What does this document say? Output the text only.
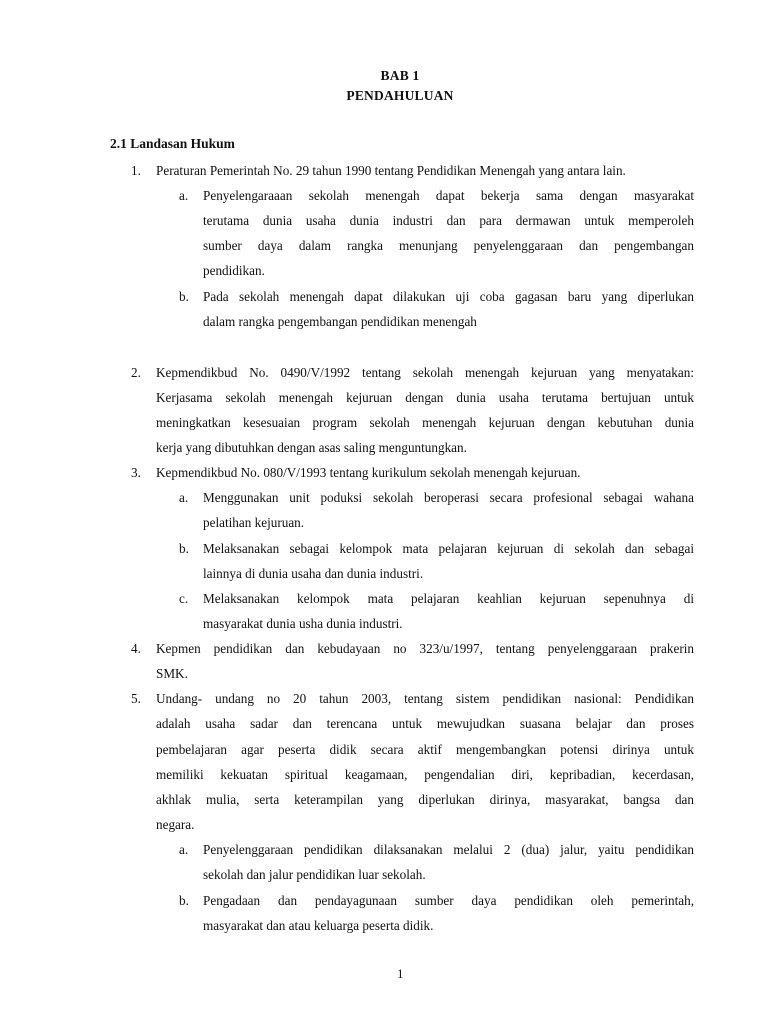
BAB 1
PENDAHULUAN
2.1 Landasan Hukum
1. Peraturan Pemerintah No. 29 tahun 1990 tentang Pendidikan Menengah yang antara lain.
a. Penyelengaraaan sekolah menengah dapat bekerja sama dengan masyarakat
terutama dunia usaha dunia industri dan para dermawan untuk memperoleh
sumber daya dalam rangka menunjang penyelenggaraan dan pengembangan
pendidikan.
b. Pada sekolah menengah dapat dilakukan uji coba gagasan baru yang diperlukan
dalam rangka pengembangan pendidikan menengah
2. Kepmendikbud No. 0490/V/1992 tentang sekolah menengah kejuruan yang menyatakan:
Kerjasama sekolah menengah kejuruan dengan dunia usaha terutama bertujuan untuk
meningkatkan kesesuaian program sekolah menengah kejuruan dengan kebutuhan dunia
kerja yang dibutuhkan dengan asas saling menguntungkan.
3. Kepmendikbud No. 080/V/1993 tentang kurikulum sekolah menengah kejuruan.
a. Menggunakan unit poduksi sekolah beroperasi secara profesional sebagai wahana
pelatihan kejuruan.
b. Melaksanakan sebagai kelompok mata pelajaran kejuruan di sekolah dan sebagai
lainnya di dunia usaha dan dunia industri.
c. Melaksanakan kelompok mata pelajaran keahlian kejuruan sepenuhnya di
masyarakat dunia usha dunia industri.
4. Kepmen pendidikan dan kebudayaan no 323/u/1997, tentang penyelenggaraan prakerin
SMK.
5. Undang- undang no 20 tahun 2003, tentang sistem pendidikan nasional: Pendidikan
adalah usaha sadar dan terencana untuk mewujudkan suasana belajar dan proses
pembelajaran agar peserta didik secara aktif mengembangkan potensi dirinya untuk
memiliki kekuatan spiritual keagamaan, pengendalian diri, kepribadian, kecerdasan,
akhlak mulia, serta keterampilan yang diperlukan dirinya, masyarakat, bangsa dan
negara.
a. Penyelenggaraan pendidikan dilaksanakan melalui 2 (dua) jalur, yaitu pendidikan
sekolah dan jalur pendidikan luar sekolah.
b. Pengadaan dan pendayagunaan sumber daya pendidikan oleh pemerintah,
masyarakat dan atau keluarga peserta didik.
1
